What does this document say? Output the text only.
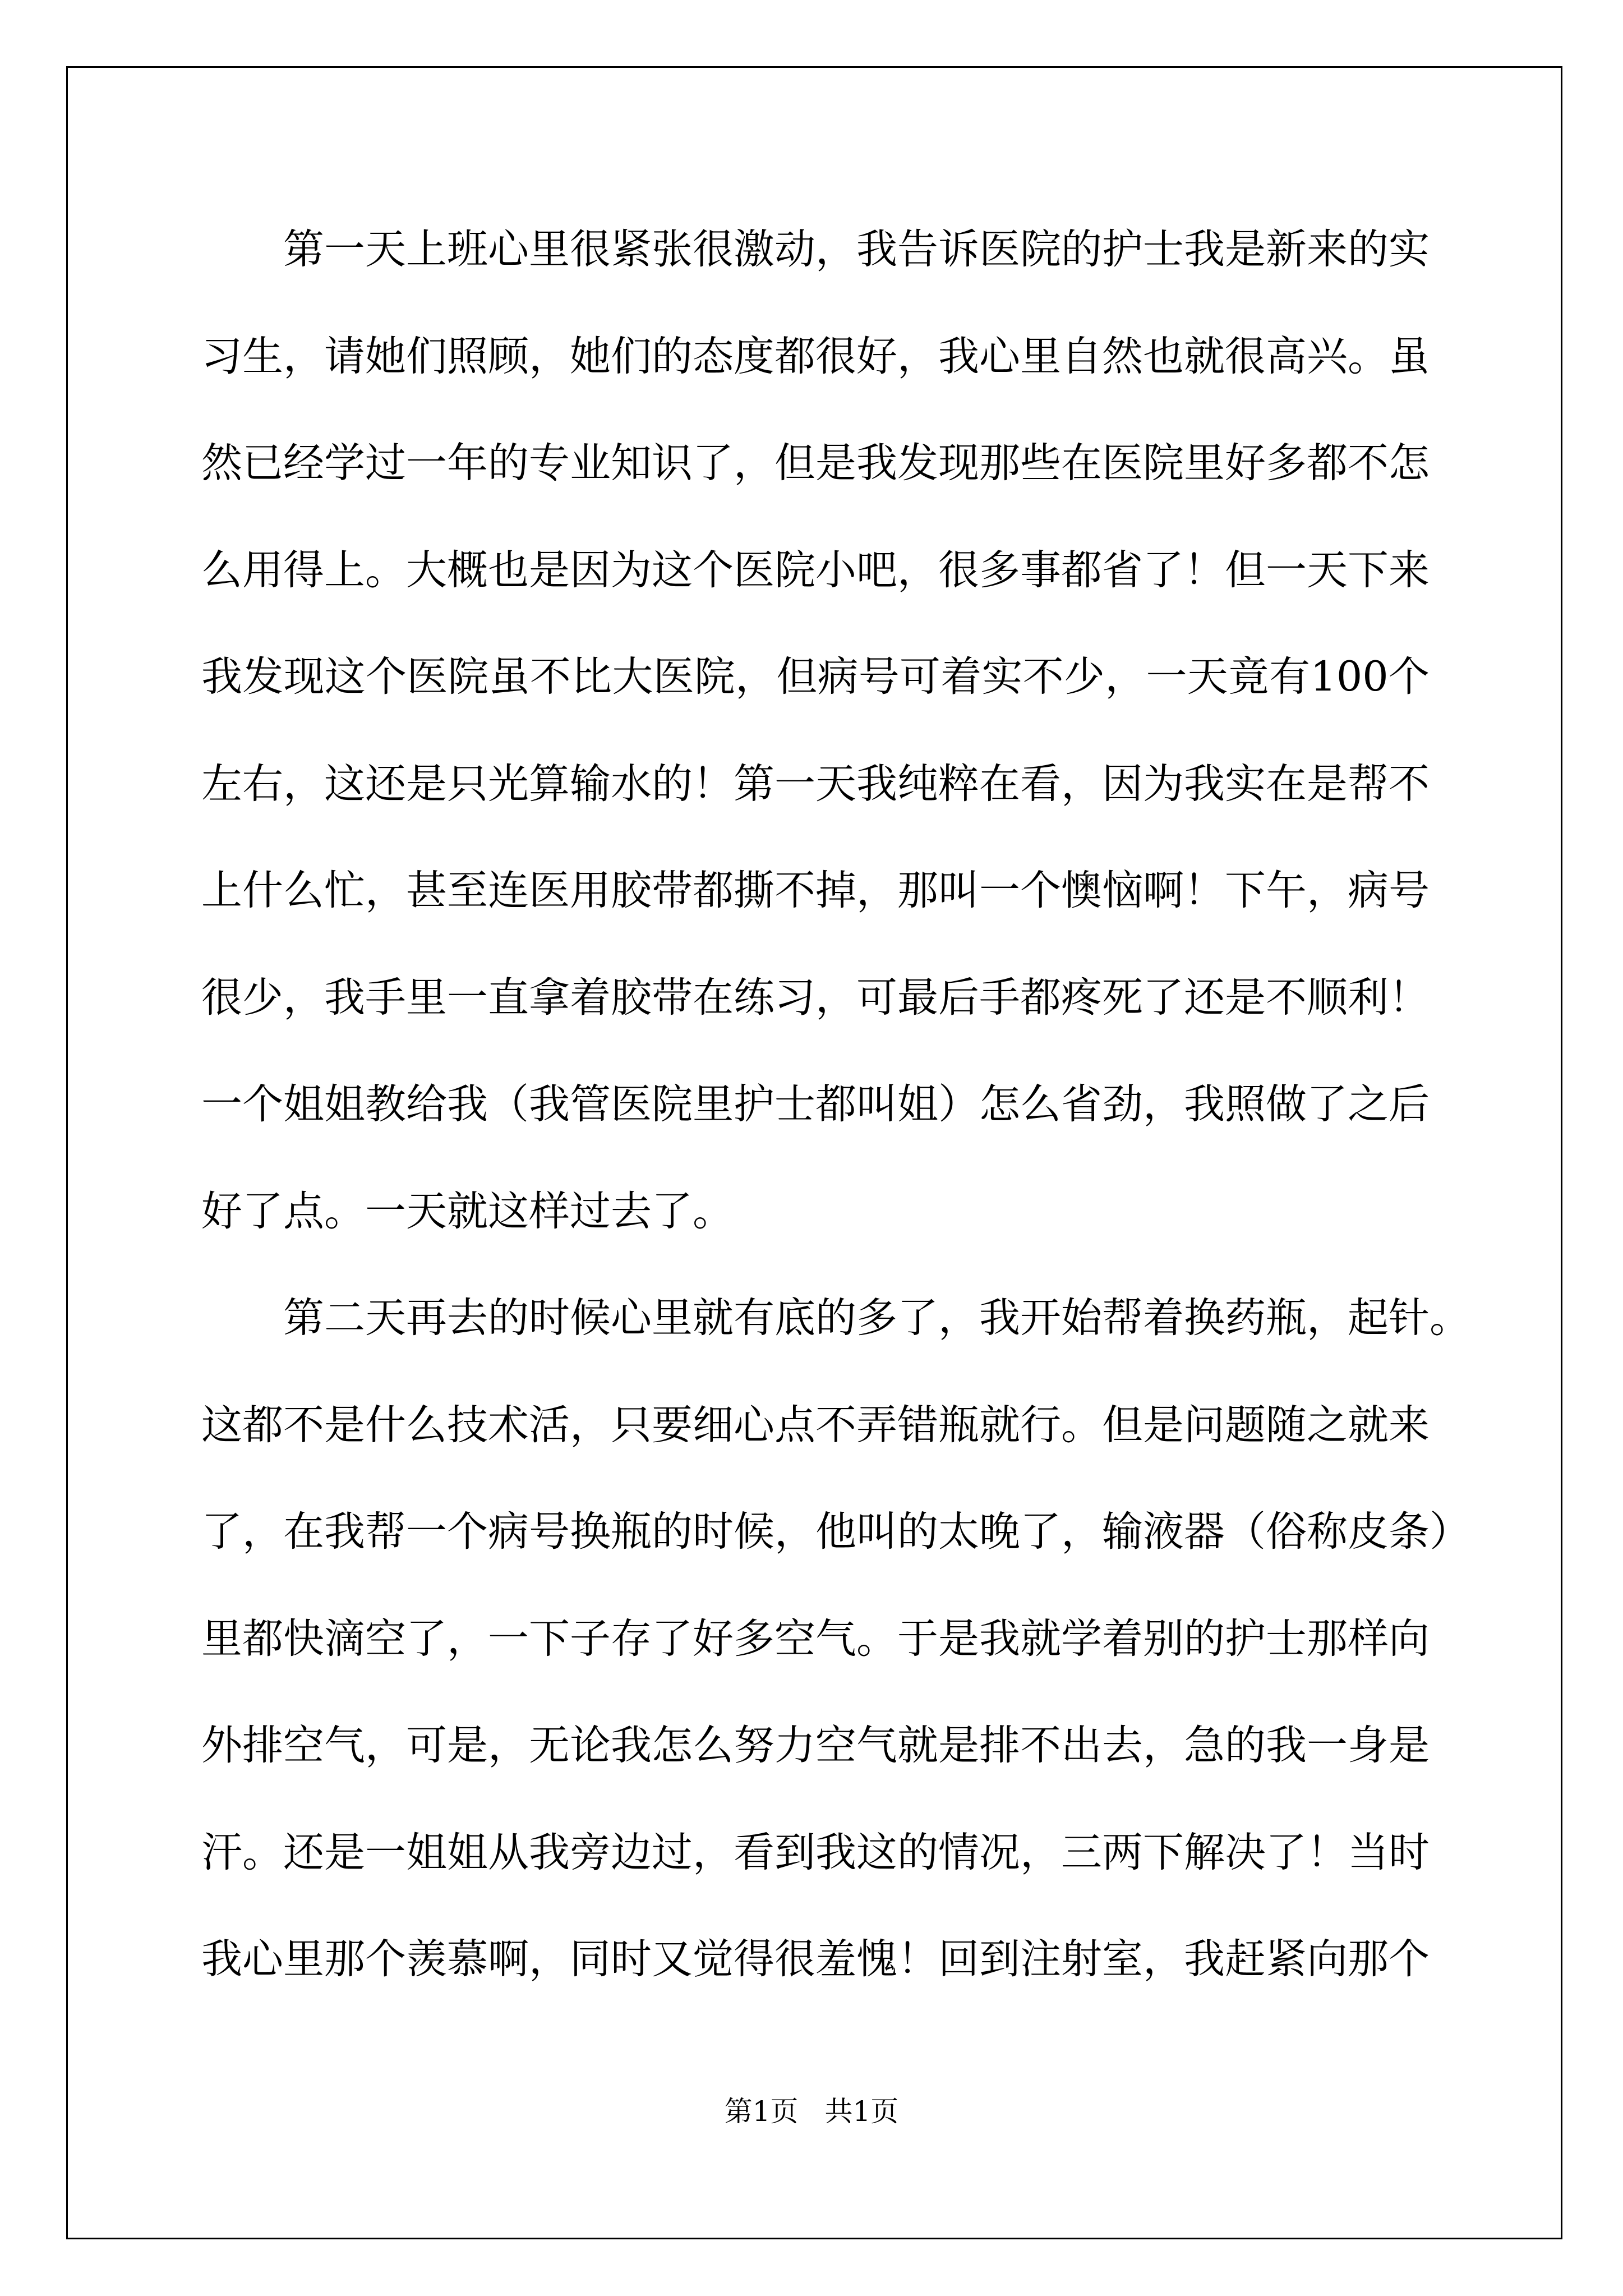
第一天上班心里很紧张很激动，我告诉医院的护士我是新来的实
习生，请她们照顾，她们的态度都很好，我心里自然也就很高兴。虽
然已经学过一年的专业知识了，但是我发现那些在医院里好多都不怎
么用得上。大概也是因为这个医院小吧，很多事都省了！但一天下来
我发现这个医院虽不比大医院，但病号可着实不少，一天竟有100个
左右，这还是只光算输水的！第一天我纯粹在看，因为我实在是帮不
上什么忙，甚至连医用胶带都撕不掉，那叫一个懊恼啊！下午，病号
很少，我手里一直拿着胶带在练习，可最后手都疼死了还是不顺利！
一个姐姐教给我（我管医院里护士都叫姐）怎么省劲，我照做了之后
好了点。一天就这样过去了。
第二天再去的时候心里就有底的多了，我开始帮着换药瓶，起针。
这都不是什么技术活，只要细心点不弄错瓶就行。但是问题随之就来
了，在我帮一个病号换瓶的时候，他叫的太晚了，输液器（俗称皮条）
里都快滴空了，一下子存了好多空气。于是我就学着别的护士那样向
外排空气，可是，无论我怎么努力空气就是排不出去，急的我一身是
汗。还是一姐姐从我旁边过，看到我这的情况，三两下解决了！当时
我心里那个羡慕啊，同时又觉得很羞愧！回到注射室，我赶紧向那个
第1页 共1页
